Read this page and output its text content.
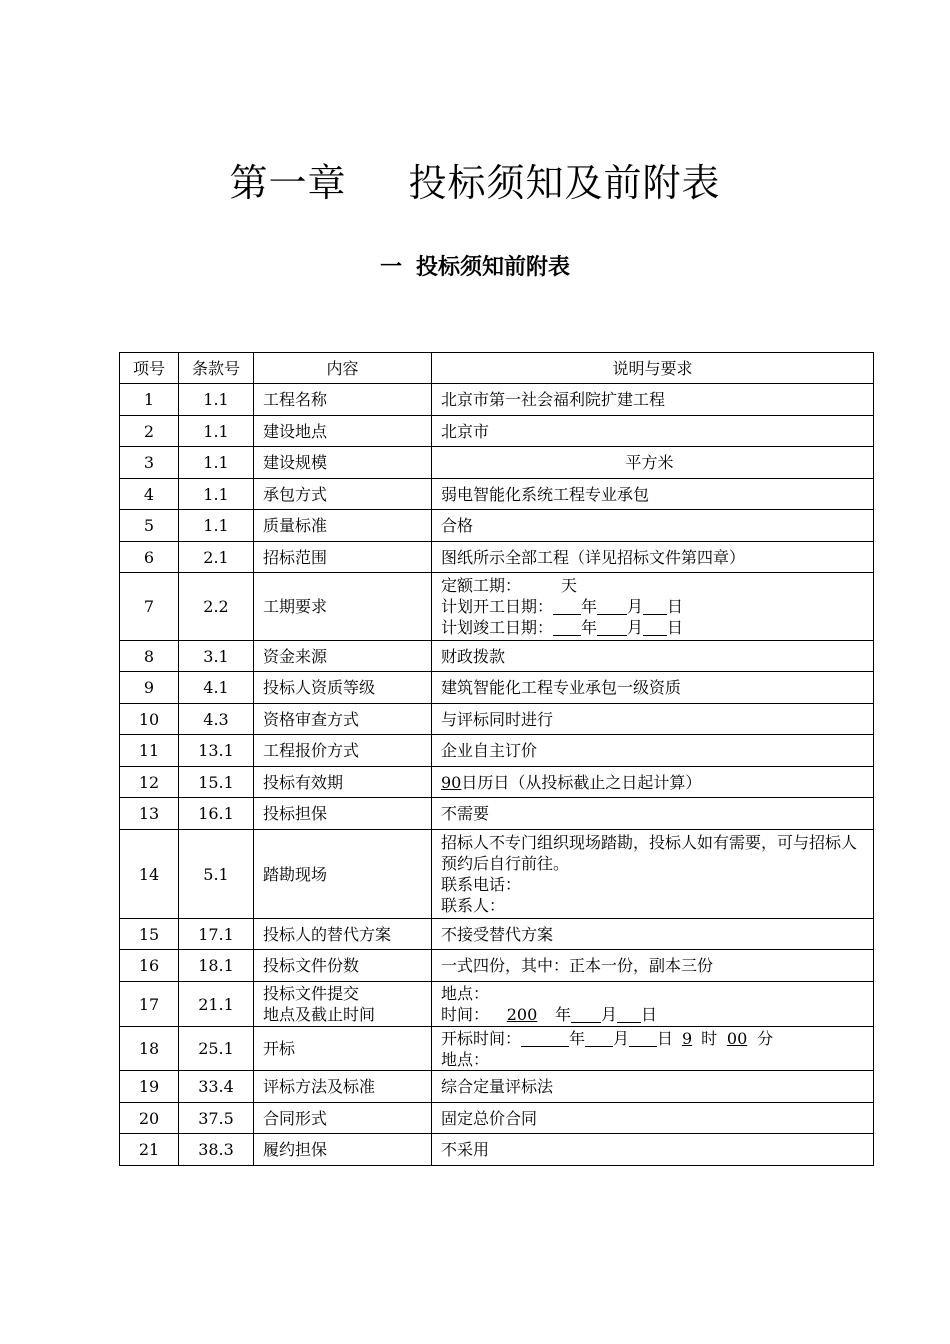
第一章 投标须知及前附表
一 投标须知前附表
项号	条款号	内容	说明与要求
1	1.1	工程名称	北京市第一社会福利院扩建工程
2	1.1	建设地点	北京市
3	1.1	建设规模	平方米
4	1.1	承包方式	弱电智能化系统工程专业承包
5	1.1	质量标准	合格
6	2.1	招标范围	图纸所示全部工程（详见招标文件第四章）
7	2.2	工期要求	定额工期： 天
计划开工日期： 年 月 日
计划竣工日期： 年 月 日

8	3.1	资金来源	财政拨款
9	4.1	投标人资质等级	建筑智能化工程专业承包一级资质
10	4.3	资格审查方式	与评标同时进行
11	13.1	工程报价方式	企业自主订价
12	15.1	投标有效期	90日历日（从投标截止之日起计算）
13	16.1	投标担保	不需要
14	5.1	踏勘现场	招标人不专门组织现场踏勘，投标人如有需要，可与招标人预约后自行前往。
联系电话：
联系人：

15	17.1	投标人的替代方案	不接受替代方案
16	18.1	投标文件份数	一式四份，其中：正本一份，副本三份
17	21.1	投标文件提交
地点及截止时间	地点：
时间： 200 年 月 日

18	25.1	开标	开标时间： 年 月 日 9 时 00 分
地点：

19	33.4	评标方法及标准	综合定量评标法
20	37.5	合同形式	固定总价合同
21	38.3	履约担保	不采用
